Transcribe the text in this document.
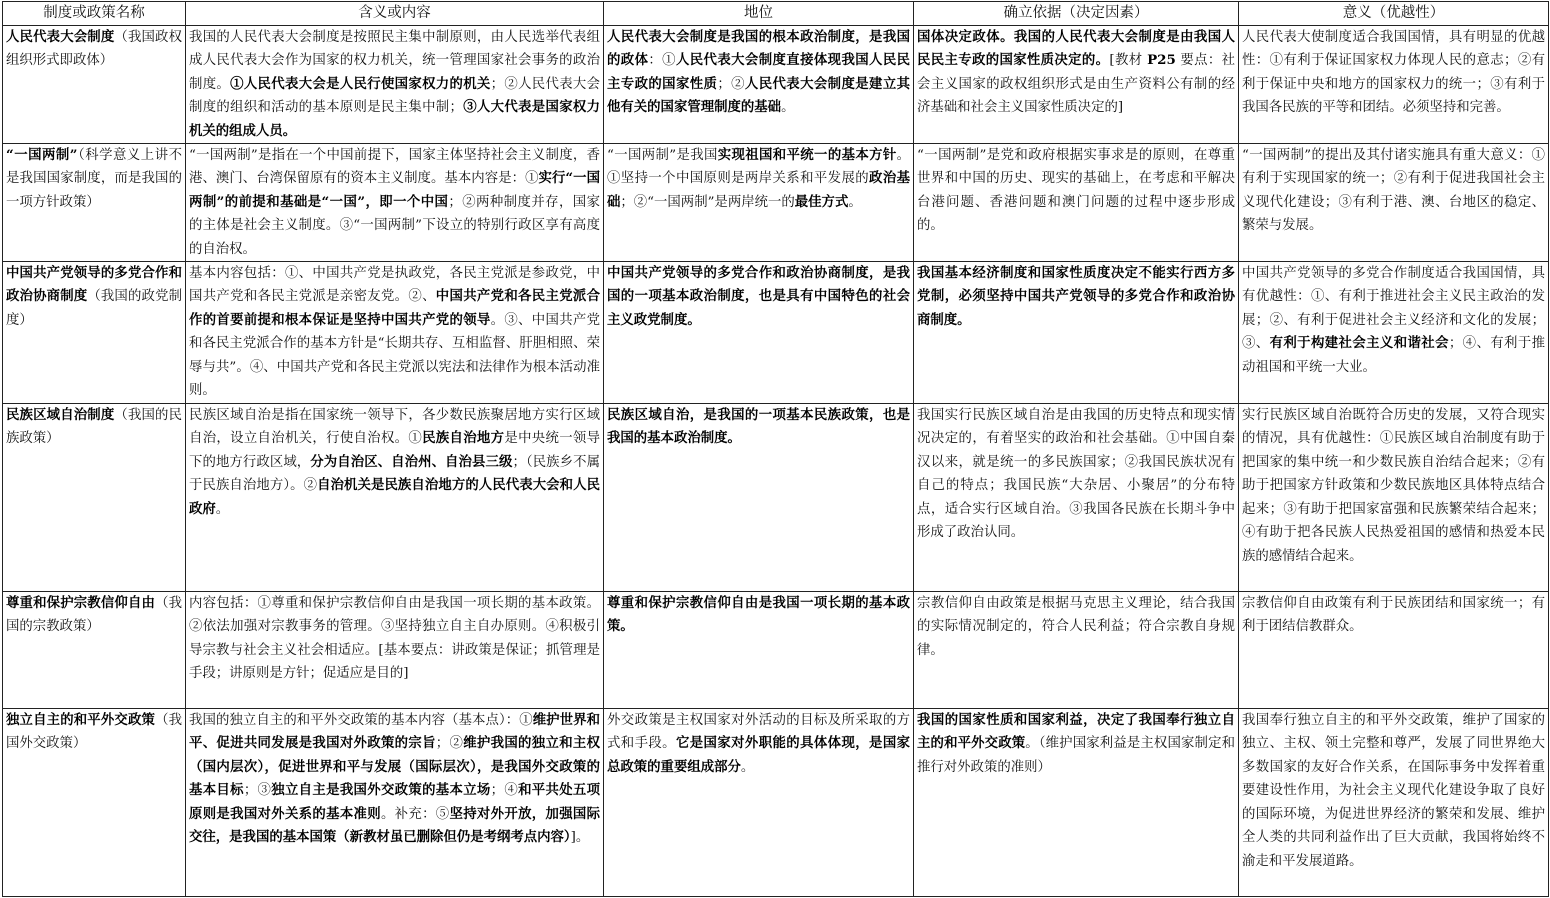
制度或政策名称	含义或内容	地位	确立依据（决定因素）	意义（优越性）
人民代表大会制度（我国政权组织形式即政体）	我国的人民代表大会制度是按照民主集中制原则，由人民选举代表组成人民代表大会作为国家的权力机关，统一管理国家社会事务的政治制度。①人民代表大会是人民行使国家权力的机关；②人民代表大会制度的组织和活动的基本原则是民主集中制；③人大代表是国家权力机关的组成人员。	人民代表大会制度是我国的根本政治制度，是我国的政体：①人民代表大会制度直接体现我国人民民主专政的国家性质；②人民代表大会制度是建立其他有关的国家管理制度的基础。	国体决定政体。我国的人民代表大会制度是由我国人民民主专政的国家性质决定的。[教材 P25 要点：社会主义国家的政权组织形式是由生产资料公有制的经济基础和社会主义国家性质决定的]	人民代表大使制度适合我国国情，具有明显的优越性：①有利于保证国家权力体现人民的意志；②有利于保证中央和地方的国家权力的统一；③有利于我国各民族的平等和团结。必须坚持和完善。
“一国两制”（科学意义上讲不是我国国家制度，而是我国的一项方针政策）	“一国两制”是指在一个中国前提下，国家主体坚持社会主义制度，香港、澳门、台湾保留原有的资本主义制度。基本内容是：①实行“一国两制”的前提和基础是“一国”，即一个中国；②两种制度并存，国家的主体是社会主义制度。③“一国两制”下设立的特别行政区享有高度的自治权。	“一国两制”是我国实现祖国和平统一的基本方针。①坚持一个中国原则是两岸关系和平发展的政治基础；②“一国两制”是两岸统一的最佳方式。	“一国两制”是党和政府根据实事求是的原则，在尊重世界和中国的历史、现实的基础上，在考虑和平解决台港问题、香港问题和澳门问题的过程中逐步形成的。	“一国两制”的提出及其付诸实施具有重大意义：①有利于实现国家的统一；②有利于促进我国社会主义现代化建设；③有利于港、澳、台地区的稳定、繁荣与发展。
中国共产党领导的多党合作和政治协商制度（我国的政党制度）	基本内容包括：①、中国共产党是执政党，各民主党派是参政党，中国共产党和各民主党派是亲密友党。②、中国共产党和各民主党派合作的首要前提和根本保证是坚持中国共产党的领导。③、中国共产党和各民主党派合作的基本方针是“长期共存、互相监督、肝胆相照、荣辱与共”。④、中国共产党和各民主党派以宪法和法律作为根本活动准则。	中国共产党领导的多党合作和政治协商制度，是我国的一项基本政治制度，也是具有中国特色的社会主义政党制度。	我国基本经济制度和国家性质度决定不能实行西方多党制，必须坚持中国共产党领导的多党合作和政治协商制度。	中国共产党领导的多党合作制度适合我国国情，具有优越性：①、有利于推进社会主义民主政治的发展；②、有利于促进社会主义经济和文化的发展；③、有利于构建社会主义和谐社会；④、有利于推动祖国和平统一大业。
民族区域自治制度（我国的民族政策）	民族区域自治是指在国家统一领导下，各少数民族聚居地方实行区域自治，设立自治机关，行使自治权。①民族自治地方是中央统一领导下的地方行政区域，分为自治区、自治州、自治县三级；（民族乡不属于民族自治地方）。②自治机关是民族自治地方的人民代表大会和人民政府。	民族区域自治，是我国的一项基本民族政策，也是我国的基本政治制度。	我国实行民族区域自治是由我国的历史特点和现实情况决定的，有着坚实的政治和社会基础。①中国自秦汉以来，就是统一的多民族国家；②我国民族状况有自己的特点；我国民族“大杂居、小聚居”的分布特点，适合实行区域自治。③我国各民族在长期斗争中形成了政治认同。	实行民族区域自治既符合历史的发展，又符合现实的情况，具有优越性：①民族区域自治制度有助于把国家的集中统一和少数民族自治结合起来；②有助于把国家方针政策和少数民族地区具体特点结合起来；③有助于把国家富强和民族繁荣结合起来；④有助于把各民族人民热爱祖国的感情和热爱本民族的感情结合起来。
尊重和保护宗教信仰自由（我国的宗教政策）	内容包括：①尊重和保护宗教信仰自由是我国一项长期的基本政策。②依法加强对宗教事务的管理。③坚持独立自主自办原则。④积极引导宗教与社会主义社会相适应。[基本要点：讲政策是保证；抓管理是手段；讲原则是方针；促适应是目的]	尊重和保护宗教信仰自由是我国一项长期的基本政策。	宗教信仰自由政策是根据马克思主义理论，结合我国的实际情况制定的，符合人民利益；符合宗教自身规律。	宗教信仰自由政策有利于民族团结和国家统一；有利于团结信教群众。
独立自主的和平外交政策（我国外交政策）	我国的独立自主的和平外交政策的基本内容（基本点）：①维护世界和平、促进共同发展是我国对外政策的宗旨；②维护我国的独立和主权（国内层次），促进世界和平与发展（国际层次），是我国外交政策的基本目标；③独立自主是我国外交政策的基本立场；④和平共处五项原则是我国对外关系的基本准则。补充：⑤坚持对外开放，加强国际交往，是我国的基本国策（新教材虽已删除但仍是考纲考点内容）]。	外交政策是主权国家对外活动的目标及所采取的方式和手段。它是国家对外职能的具体体现，是国家总政策的重要组成部分。	我国的国家性质和国家利益，决定了我国奉行独立自主的和平外交政策。（维护国家利益是主权国家制定和推行对外政策的准则）	我国奉行独立自主的和平外交政策，维护了国家的独立、主权、领土完整和尊严，发展了同世界绝大多数国家的友好合作关系，在国际事务中发挥着重要建设性作用，为社会主义现代化建设争取了良好的国际环境，为促进世界经济的繁荣和发展、维护全人类的共同利益作出了巨大贡献，我国将始终不渝走和平发展道路。
